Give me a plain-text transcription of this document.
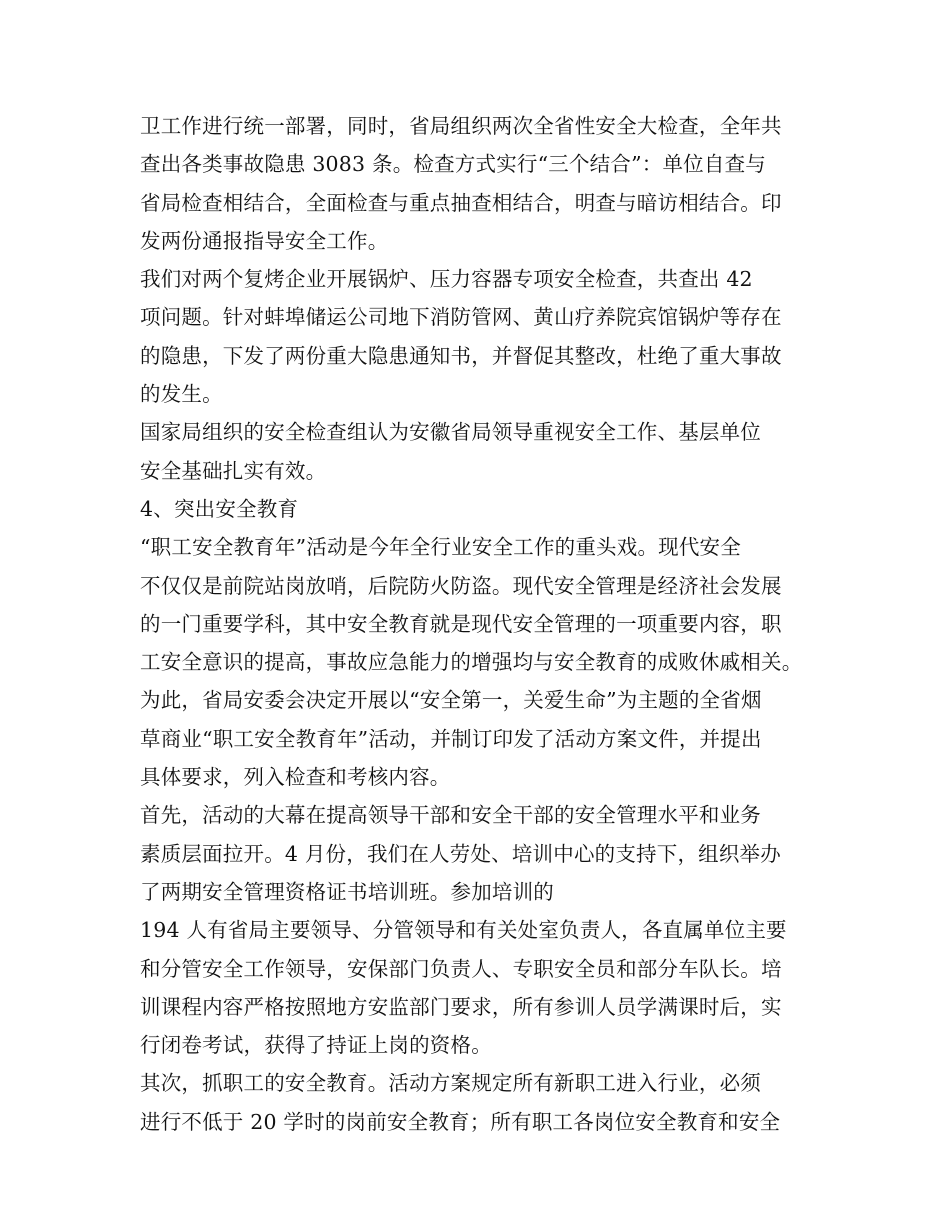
卫工作进行统一部署，同时，省局组织两次全省性安全大检查，全年共
查出各类事故隐患 3083 条。检查方式实行“三个结合”：单位自查与
省局检查相结合，全面检查与重点抽查相结合，明查与暗访相结合。印
发两份通报指导安全工作。
我们对两个复烤企业开展锅炉、压力容器专项安全检查，共查出 42
项问题。针对蚌埠储运公司地下消防管网、黄山疗养院宾馆锅炉等存在
的隐患，下发了两份重大隐患通知书，并督促其整改，杜绝了重大事故
的发生。
国家局组织的安全检查组认为安徽省局领导重视安全工作、基层单位
安全基础扎实有效。
4、突出安全教育
“职工安全教育年”活动是今年全行业安全工作的重头戏。现代安全
不仅仅是前院站岗放哨，后院防火防盗。现代安全管理是经济社会发展
的一门重要学科，其中安全教育就是现代安全管理的一项重要内容，职
工安全意识的提高，事故应急能力的增强均与安全教育的成败休戚相关。
为此，省局安委会决定开展以“安全第一，关爱生命”为主题的全省烟
草商业“职工安全教育年”活动，并制订印发了活动方案文件，并提出
具体要求，列入检查和考核内容。
首先，活动的大幕在提高领导干部和安全干部的安全管理水平和业务
素质层面拉开。4 月份，我们在人劳处、培训中心的支持下，组织举办
了两期安全管理资格证书培训班。参加培训的
194 人有省局主要领导、分管领导和有关处室负责人，各直属单位主要
和分管安全工作领导，安保部门负责人、专职安全员和部分车队长。培
训课程内容严格按照地方安监部门要求，所有参训人员学满课时后，实
行闭卷考试，获得了持证上岗的资格。
其次，抓职工的安全教育。活动方案规定所有新职工进入行业，必须
进行不低于 20 学时的岗前安全教育；所有职工各岗位安全教育和安全
